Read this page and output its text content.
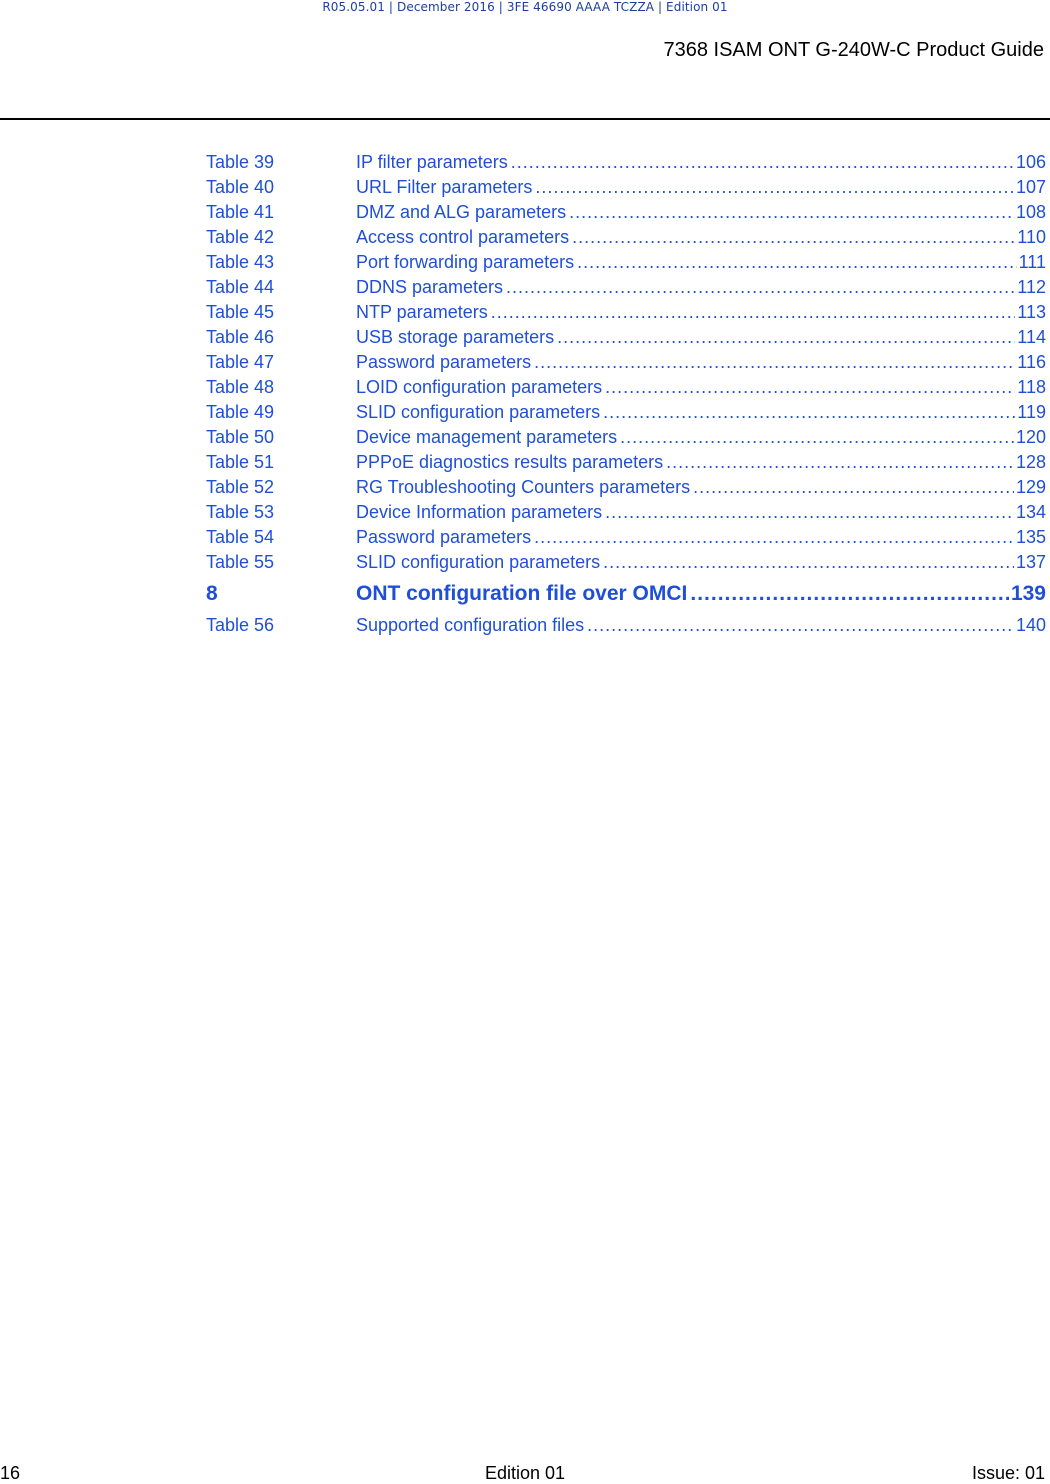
R05.05.01 | December 2016 | 3FE 46690 AAAA TCZZA | Edition 01
7368 ISAM ONT G-240W-C Product Guide
Table 39	IP filter parameters .....	106
Table 40	URL Filter parameters .....	107
Table 41	DMZ and ALG parameters .....	108
Table 42	Access control parameters .....	110
Table 43	Port forwarding parameters .....	111
Table 44	DDNS parameters .....	112
Table 45	NTP parameters .....	113
Table 46	USB storage parameters .....	114
Table 47	Password parameters .....	116
Table 48	LOID configuration parameters .....	118
Table 49	SLID configuration parameters .....	119
Table 50	Device management parameters .....	120
Table 51	PPPoE diagnostics results parameters .....	128
Table 52	RG Troubleshooting Counters parameters .....	129
Table 53	Device Information parameters .....	134
Table 54	Password parameters .....	135
Table 55	SLID configuration parameters .....	137
8	ONT configuration file over OMCI .....	139
Table 56	Supported configuration files .....	140
16	Edition 01	Issue: 01
